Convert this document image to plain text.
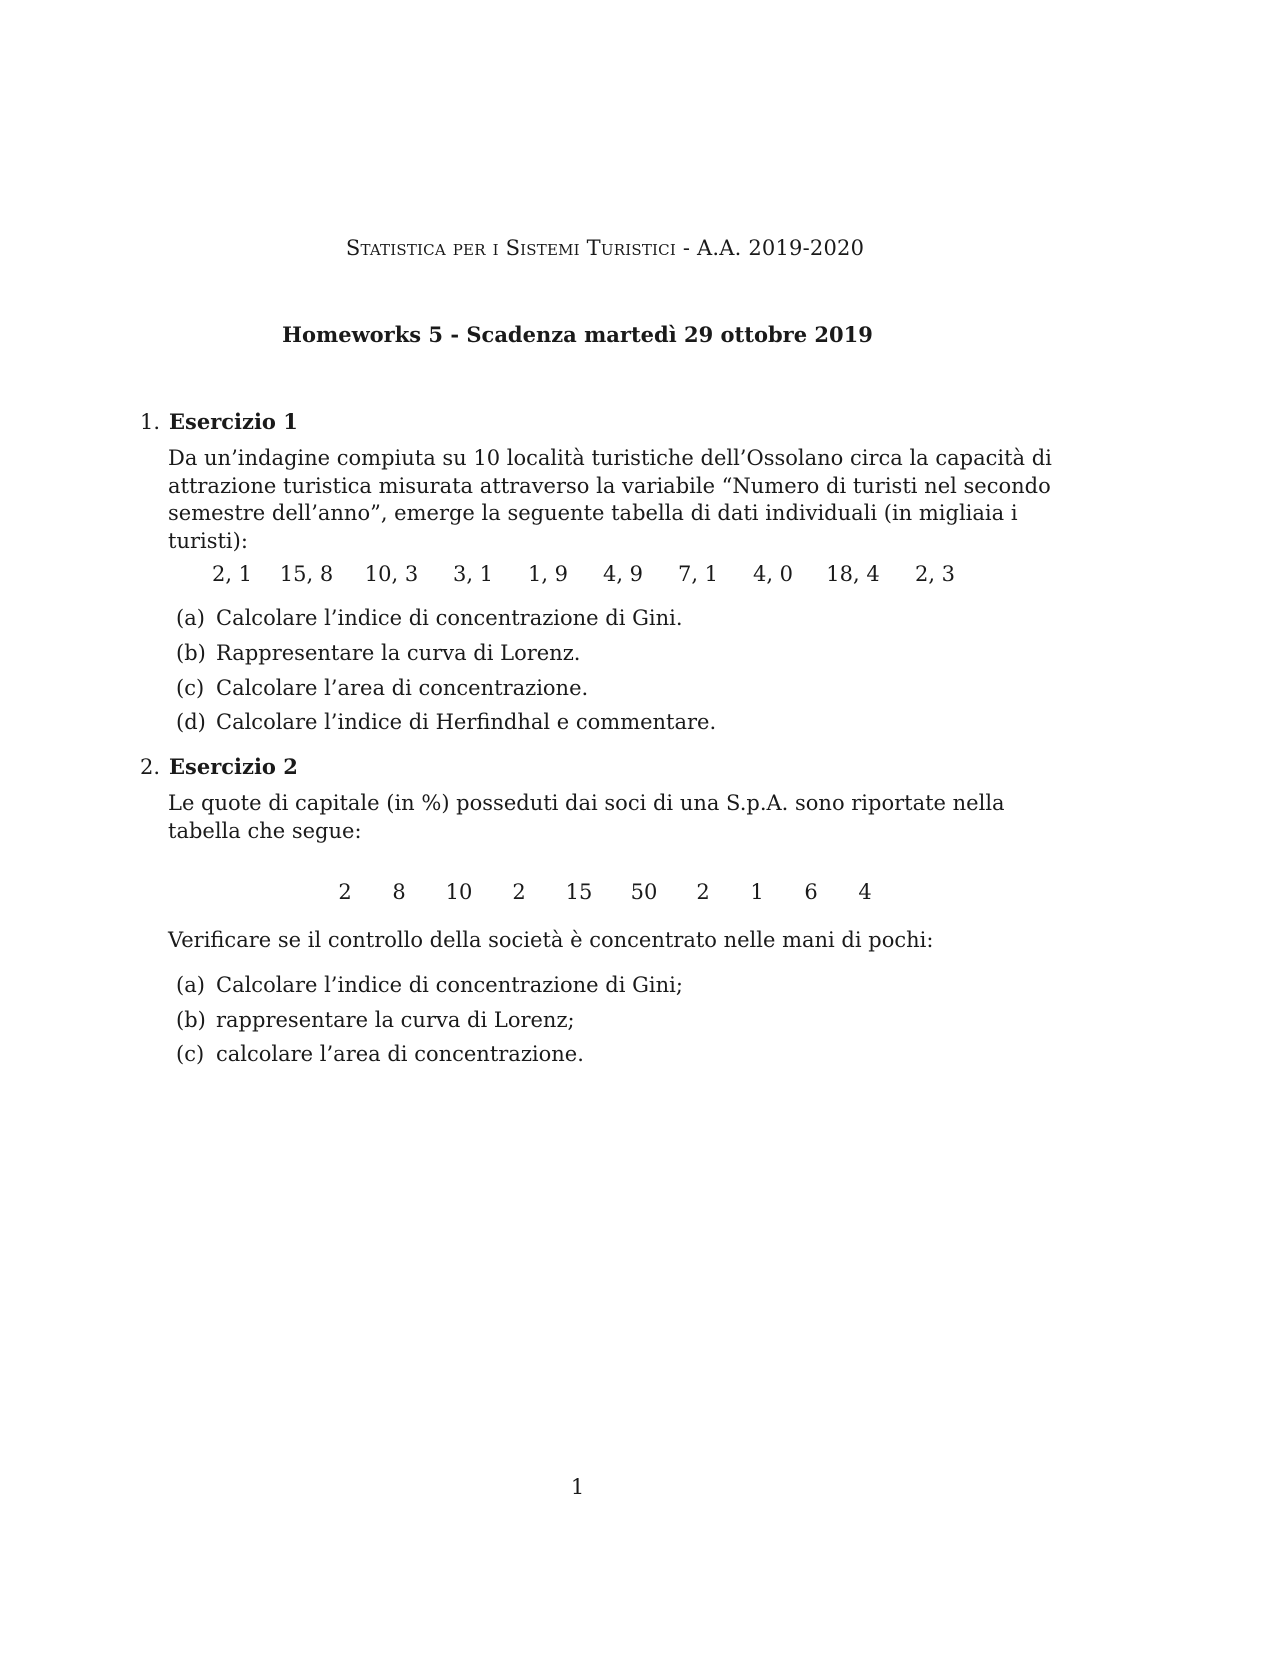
Statistica per i Sistemi Turistici - A.A. 2019-2020
Homeworks 5 - Scadenza martedì 29 ottobre 2019
1. Esercizio 1
Da un’indagine compiuta su 10 località turistiche dell’Ossolano circa la capacità di attrazione turistica misurata attraverso la variabile “Numero di turisti nel secondo semestre dell’anno”, emerge la seguente tabella di dati individuali (in migliaia i turisti):
2, 1	15, 8	10, 3	3, 1	1, 9	4, 9	7, 1	4, 0	18, 4	2, 3
(a) Calcolare l’indice di concentrazione di Gini.
(b) Rappresentare la curva di Lorenz.
(c) Calcolare l’area di concentrazione.
(d) Calcolare l’indice di Herfindhal e commentare.
2. Esercizio 2
Le quote di capitale (in %) posseduti dai soci di una S.p.A. sono riportate nella tabella che segue:
2	8	10	2	15	50	2	1	6	4
Verificare se il controllo della società è concentrato nelle mani di pochi:
(a) Calcolare l’indice di concentrazione di Gini;
(b) rappresentare la curva di Lorenz;
(c) calcolare l’area di concentrazione.
1
